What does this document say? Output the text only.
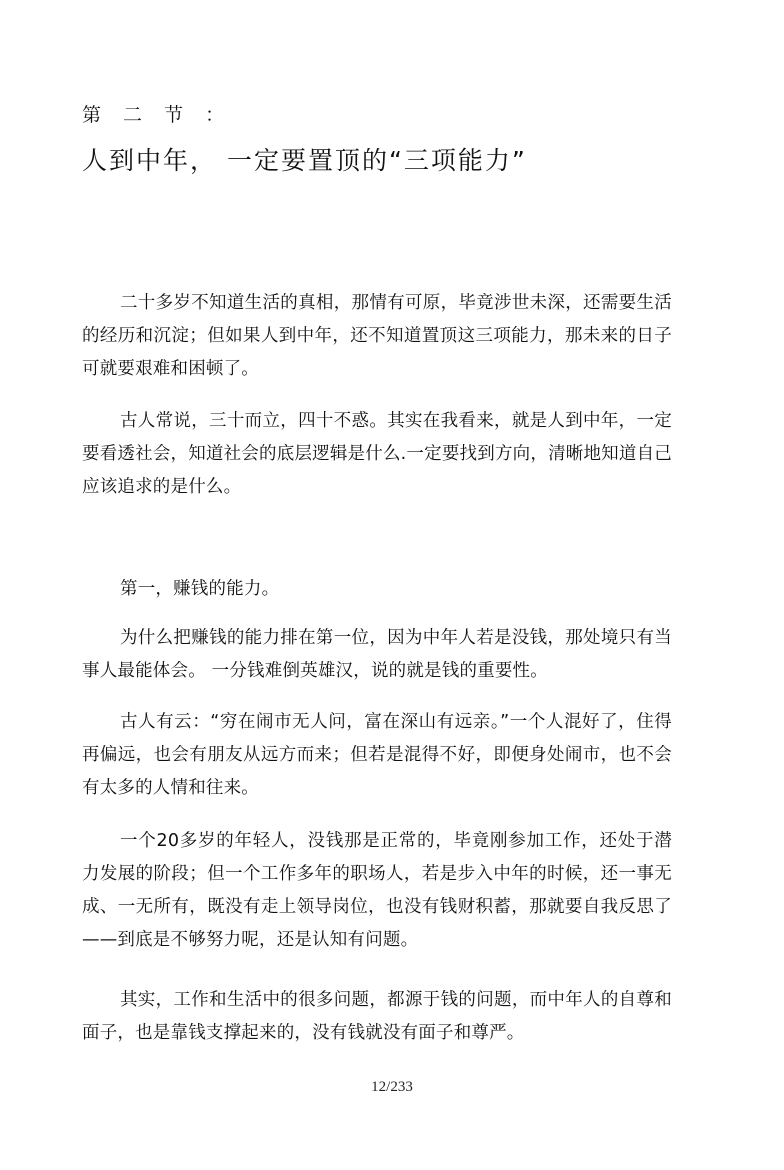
第 二 节 ：
人到中年， 一定要置顶的“三项能力”

二十多岁不知道生活的真相，那情有可原，毕竟涉世未深，还需要生活的经历和沉淀；但如果人到中年，还不知道置顶这三项能力，那未来的日子可就要艰难和困顿了。

古人常说，三十而立，四十不惑。其实在我看来，就是人到中年，一定要看透社会，知道社会的底层逻辑是什么.一定要找到方向，清晰地知道自己应该追求的是什么。

第一，赚钱的能力。

为什么把赚钱的能力排在第一位，因为中年人若是没钱，那处境只有当事人最能体会。 一分钱难倒英雄汉，说的就是钱的重要性。

古人有云：“穷在闹市无人问，富在深山有远亲。”一个人混好了，住得再偏远，也会有朋友从远方而来；但若是混得不好，即便身处闹市，也不会有太多的人情和往来。

一个20多岁的年轻人，没钱那是正常的，毕竟刚参加工作，还处于潜力发展的阶段；但一个工作多年的职场人，若是步入中年的时候，还一事无成、一无所有，既没有走上领导岗位，也没有钱财积蓄，那就要自我反思了——到底是不够努力呢，还是认知有问题。

其实，工作和生活中的很多问题，都源于钱的问题，而中年人的自尊和面子，也是靠钱支撑起来的，没有钱就没有面子和尊严。

12/233
